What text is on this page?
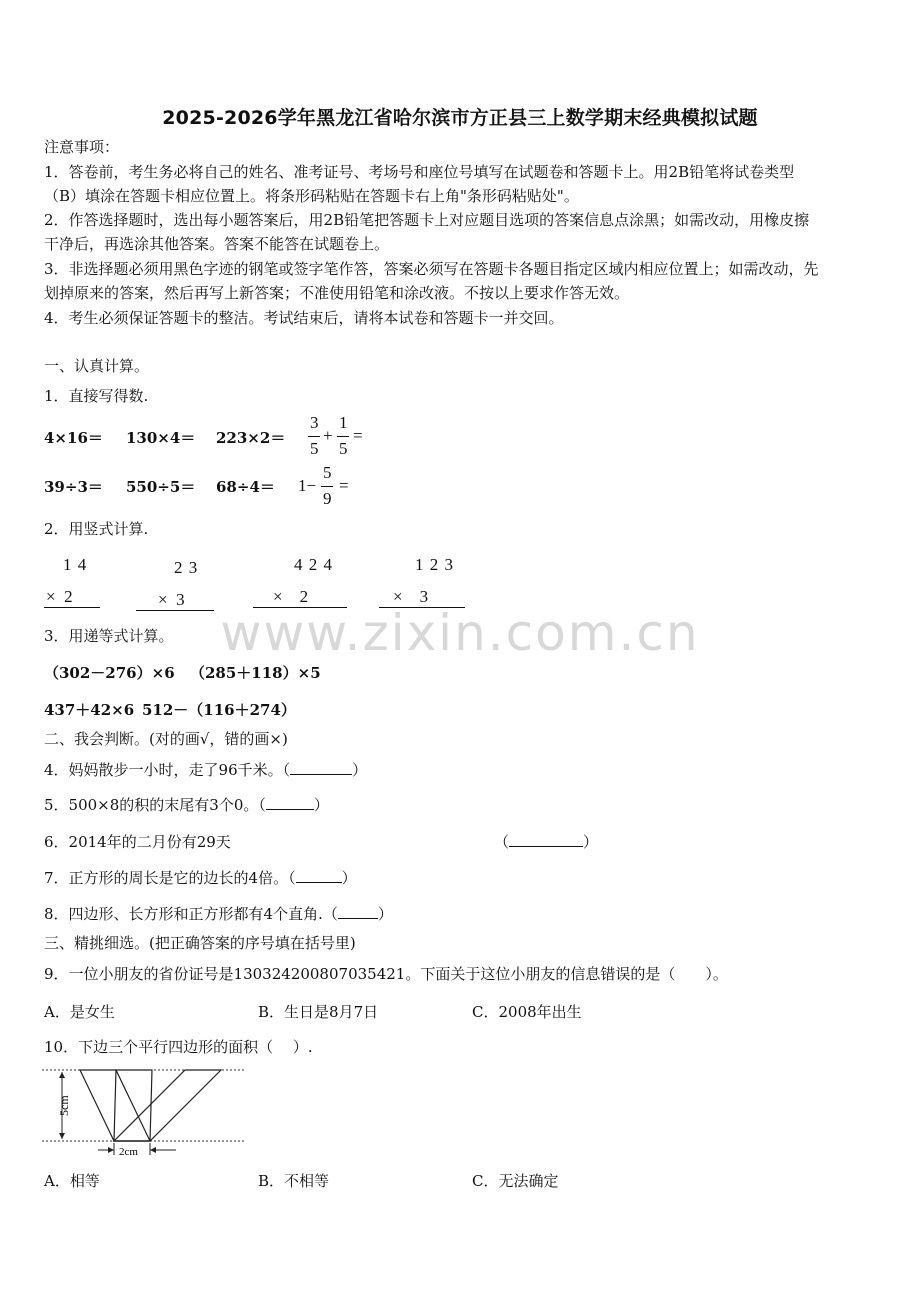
2025-2026学年黑龙江省哈尔滨市方正县三上数学期末经典模拟试题
注意事项：
1．答卷前，考生务必将自己的姓名、准考证号、考场号和座位号填写在试题卷和答题卡上。用2B铅笔将试卷类型
（B）填涂在答题卡相应位置上。将条形码粘贴在答题卡右上角"条形码粘贴处"。
2．作答选择题时，选出每小题答案后，用2B铅笔把答题卡上对应题目选项的答案信息点涂黑；如需改动，用橡皮擦
干净后，再选涂其他答案。答案不能答在试题卷上。
3．非选择题必须用黑色字迹的钢笔或签字笔作答，答案必须写在答题卡各题目指定区域内相应位置上；如需改动，先
划掉原来的答案，然后再写上新答案；不准使用铅笔和涂改液。不按以上要求作答无效。
4．考生必须保证答题卡的整洁。考试结束后，请将本试卷和答题卡一并交回。
一、认真计算。
1．直接写得数.
4×16＝ 130×4＝ 223×2＝
3
5
+
1
5
=
39÷3＝ 550÷5＝ 68÷4＝ 1−
5
9
=
2．用竖式计算.
1 4
×  2
2 3
×  3
4 2 4
×    2
1 2 3
×    3
3．用递等式计算。
（302－276）×6 （285＋118）×5
437＋42×6 512－（116＋274）
二、我会判断。(对的画√，错的画×)
4．妈妈散步一小时，走了96千米。（	）
5．500×8的积的末尾有3个0。（	）
6．2014年的二月份有29天	（	）
7．正方形的周长是它的边长的4倍。（	）
8．四边形、长方形和正方形都有4个直角.（	）
三、精挑细选。(把正确答案的序号填在括号里)
9．一位小朋友的省份证号是130324200807035421。下面关于这位小朋友的信息错误的是（　　）。
A．是女生	B．生日是8月7日	C．2008年出生
10．下边三个平行四边形的面积（　 ）.
5cm
2cm
A．相等	B．不相等	C．无法确定
www.zixin.com.cn
